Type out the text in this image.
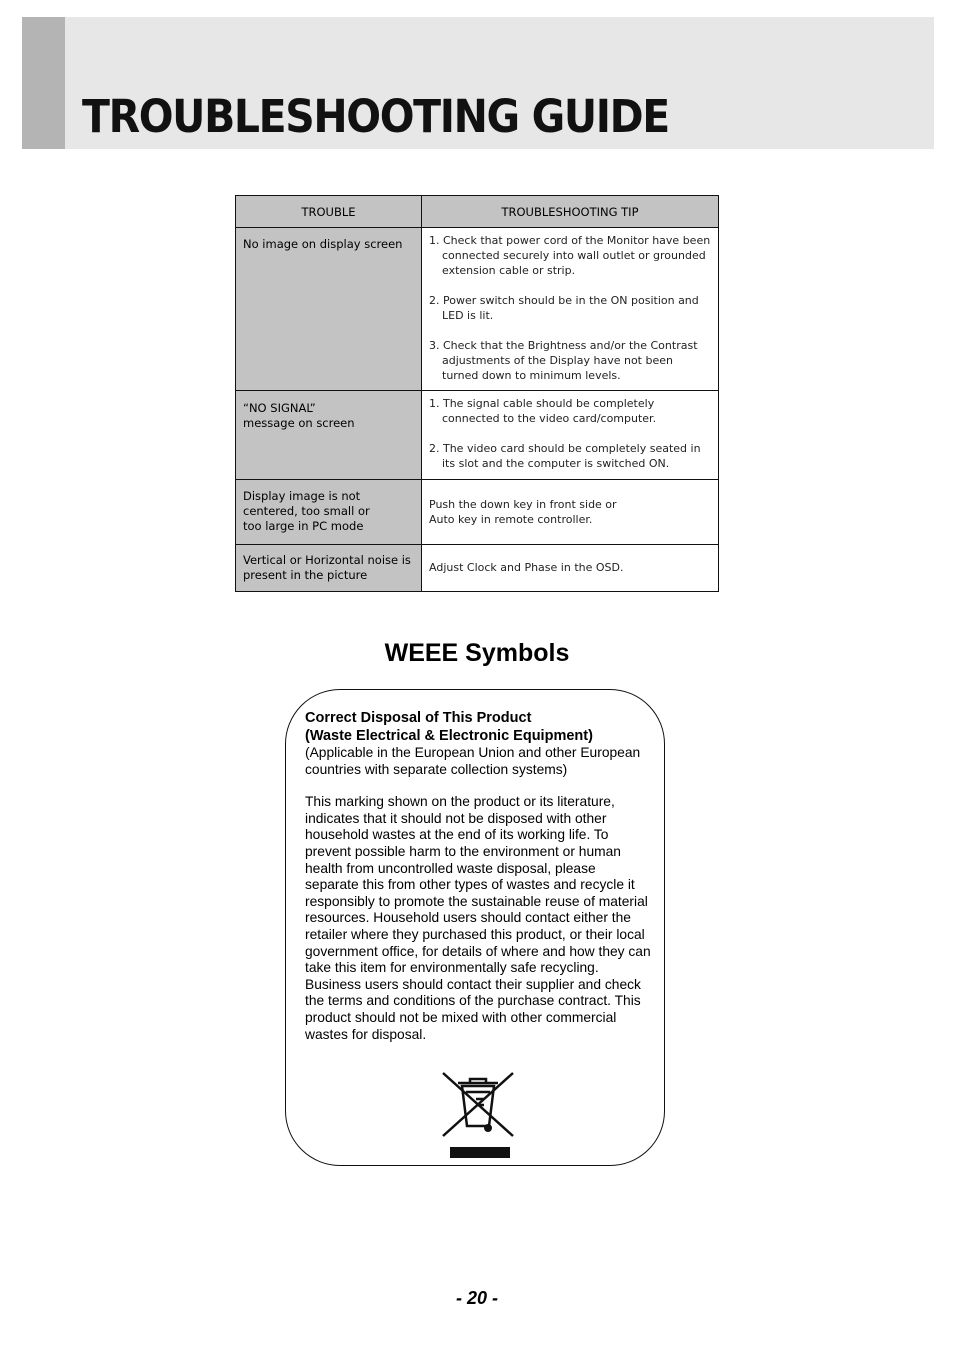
TROUBLESHOOTING GUIDE
TROUBLE	TROUBLESHOOTING TIP
No image on display screen	1. Check that power cord of the Monitor have been connected securely into wall outlet or grounded extension cable or strip.
2. Power switch should be in the ON position and LED is lit.
3. Check that the Brightness and/or the Contrast adjustments of the Display have not been turned down to minimum levels.

“NO SIGNAL” message on screen	1. The signal cable should be completely connected to the video card/computer.
2. The video card should be completely seated in its slot and the computer is switched ON.

Display image is not centered, too small or too large in PC mode	Push the down key in front side or Auto key in remote controller.

Vertical or Horizontal noise is present in the picture	Adjust Clock and Phase in the OSD.
WEEE Symbols

Correct Disposal of This Product

(Waste Electrical & Electronic Equipment)

(Applicable in the European Union and other European countries with separate collection systems)

This marking shown on the product or its literature, indicates that it should not be disposed with other household wastes at the end of its working life. To prevent possible harm to the environment or human health from uncontrolled waste disposal, please separate this from other types of wastes and recycle it responsibly to promote the sustainable reuse of material resources. Household users should contact either the retailer where they purchased this product, or their local government office, for details of where and how they can take this item for environmentally safe recycling. Business users should contact their supplier and check the terms and conditions of the purchase contract. This product should not be mixed with other commercial wastes for disposal.

- 20 -
